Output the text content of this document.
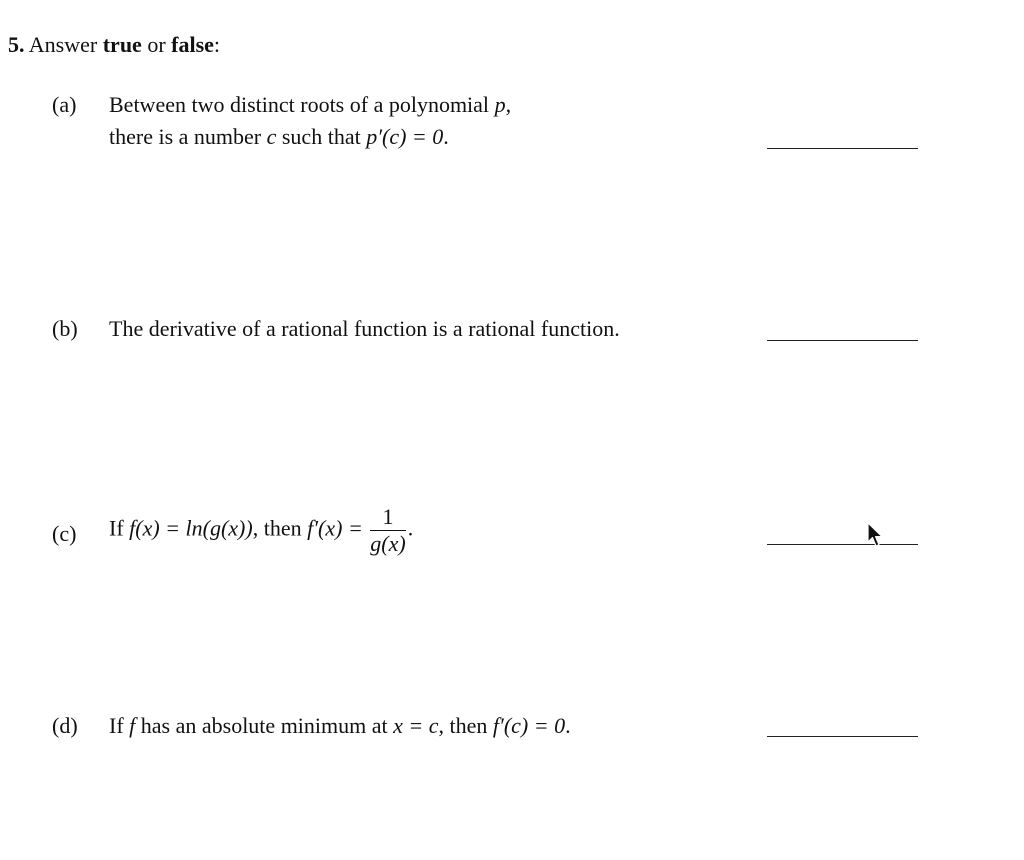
5. Answer true or false:
(a) Between two distinct roots of a polynomial p,
there is a number c such that p′(c) = 0.
(b) The derivative of a rational function is a rational function.
(c) If f(x) = ln(g(x)), then $f'(x) = \frac{1}{g(x)}$ .
(d) If f has an absolute minimum at x = c, then f′(c) = 0.
